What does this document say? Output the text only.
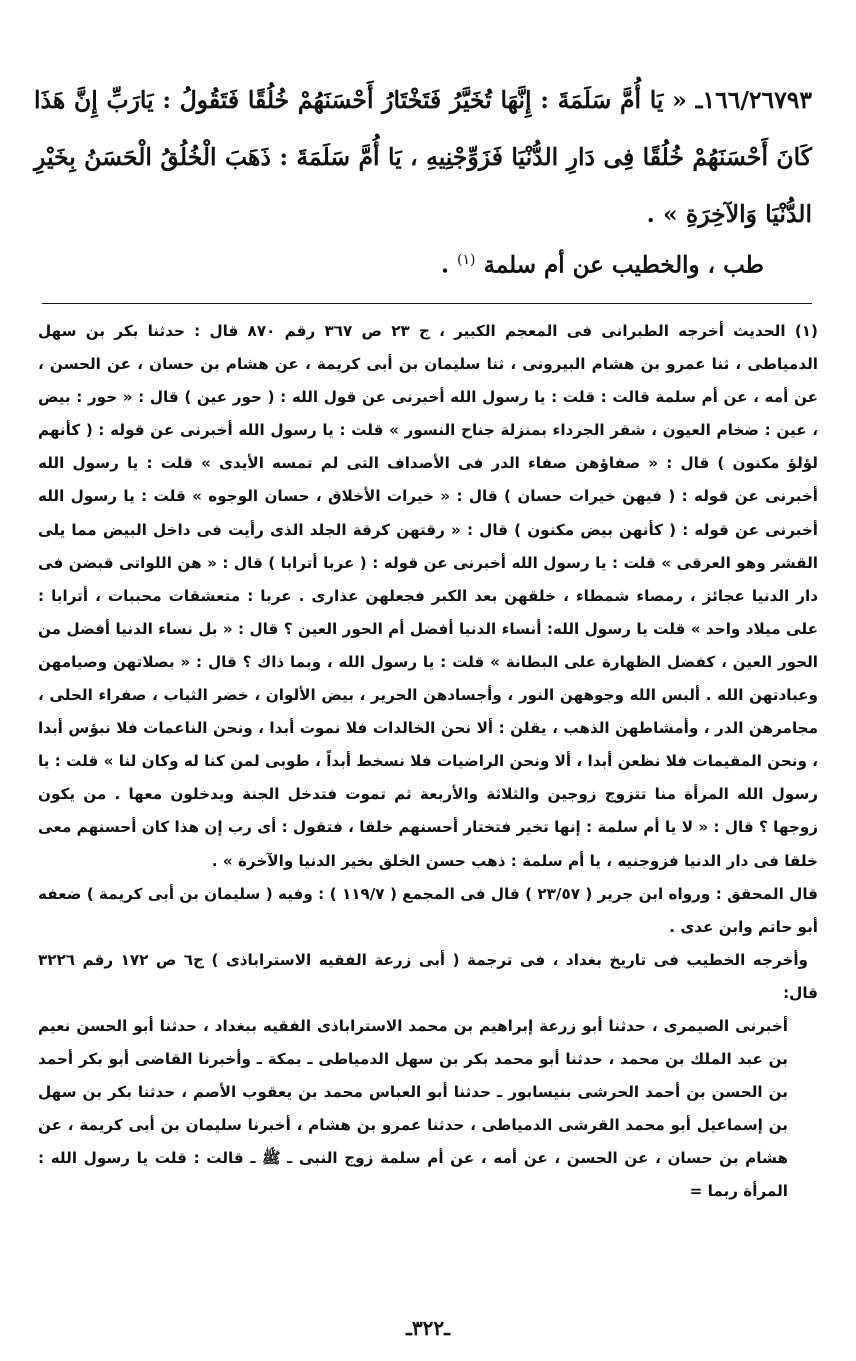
١٦٦/٢٦٧٩٣ـ « يَا أُمَّ سَلَمَةَ : إِنَّهَا تُخَيَّرُ فَتَخْتَارُ أَحْسَنَهُمْ خُلُقًا فَتَقُولُ : يَارَبِّ إِنَّ هَذَا كَانَ أَحْسَنَهُمْ خُلُقًا فِى دَارِ الدُّنْيَا فَزَوِّجْنِيهِ ، يَا أُمَّ سَلَمَةَ : ذَهَبَ الْخُلُقُ الْحَسَنُ بِخَيْرِ الدُّنْيَا وَالآخِرَةِ » .

طب ، والخطيب عن أم سلمة $^{(١)}$ .

(١) الحديث أخرجه الطبرانى فى المعجم الكبير ، ج ٢٣ ص ٣٦٧ رقم ٨٧٠ قال : حدثنا بكر بن سهل الدمياطى ، ثنا عمرو بن هشام البيرونى ، ثنا سليمان بن أبى كريمة ، عن هشام بن حسان ، عن الحسن ، عن أمه ، عن أم سلمة قالت : قلت : يا رسول الله أخبرنى عن قول الله : ( حور عين ) قال : « حور : بيض ، عين : ضخام العيون ، شقر الجرداء بمنزلة جناح النسور » قلت : يا رسول الله أخبرنى عن قوله : ( كأنهم لؤلؤ مكنون ) قال : « صفاؤهن صفاء الدر فى الأصداف التى لم تمسه الأيدى » قلت : يا رسول الله أخبرنى عن قوله : ( فيهن خيرات حسان ) قال : « خيرات الأخلاق ، حسان الوجوه » قلت : يا رسول الله أخبرنى عن قوله : ( كأنهن بيض مكنون ) قال : « رقتهن كرقة الجلد الذى رأيت فى داخل البيض مما يلى القشر وهو العرقى » قلت : يا رسول الله أخبرنى عن قوله : ( عربا أترابا ) قال : « هن اللواتى قبضن فى دار الدنيا عجائز ، رمصاء شمطاء ، خلقهن بعد الكبر فجعلهن عذارى . عربا : متعشقات محببات ، أترابا : على ميلاد واحد » قلت يا رسول الله: أنساء الدنيا أفضل أم الحور العين ؟ قال : « بل نساء الدنيا أفضل من الحور العين ، كفضل الظهارة على البطانة » قلت : يا رسول الله ، وبما ذاك ؟ قال : « بصلاتهن وصيامهن وعبادتهن الله . ألبس الله وجوههن النور ، وأجسادهن الحرير ، بيض الألوان ، خضر الثياب ، صفراء الحلى ، مجامرهن الدر ، وأمشاطهن الذهب ، يقلن : ألا نحن الخالدات فلا نموت أبدا ، ونحن الناعمات فلا نبؤس أبدا ، ونحن المقيمات فلا نظعن أبدا ، ألا ونحن الراضيات فلا نسخط أبداً ، طوبى لمن كنا له وكان لنا » قلت : يا رسول الله المرأة منا تتزوج زوجين والثلاثة والأربعة ثم تموت فتدخل الجنة ويدخلون معها . من يكون زوجها ؟ قال : « لا يا أم سلمة : إنها تخير فتختار أحسنهم خلقا ، فتقول : أى رب إن هذا كان أحسنهم معى خلقا فى دار الدنيا فزوجنيه ، يا أم سلمة : ذهب حسن الخلق بخير الدنيا والآخرة » .

قال المحقق : ورواه ابن جرير ( ٢٣/٥٧ ) قال فى المجمع ( ١١٩/٧ ) : وفيه ( سليمان بن أبى كريمة ) ضعفه أبو حاتم وابن عدى .

وأخرجه الخطيب فى تاريخ بغداد ، فى ترجمة ( أبى زرعة الفقيه الاستراباذى ) ج٦ ص ١٧٢ رقم ٣٢٢٦ قال:

أخبرنى الصيمرى ، حدثنا أبو زرعة إبراهيم بن محمد الاستراباذى الفقيه ببغداد ، حدثنا أبو الحسن نعيم بن عبد الملك بن محمد ، حدثنا أبو محمد بكر بن سهل الدمياطى ـ بمكة ـ وأخبرنا القاضى أبو بكر أحمد بن الحسن بن أحمد الحرشى بنيسابور ـ حدثنا أبو العباس محمد بن يعقوب الأصم ، حدثنا بكر بن سهل بن إسماعيل أبو محمد القرشى الدمياطى ، حدثنا عمرو بن هشام ، أخبرنا سليمان بن أبى كريمة ، عن هشام بن حسان ، عن الحسن ، عن أمه ، عن أم سلمة زوج النبى ـ ﷺ ـ قالت : قلت يا رسول الله : المرأة ربما =

ـ٣٢٢ـ
